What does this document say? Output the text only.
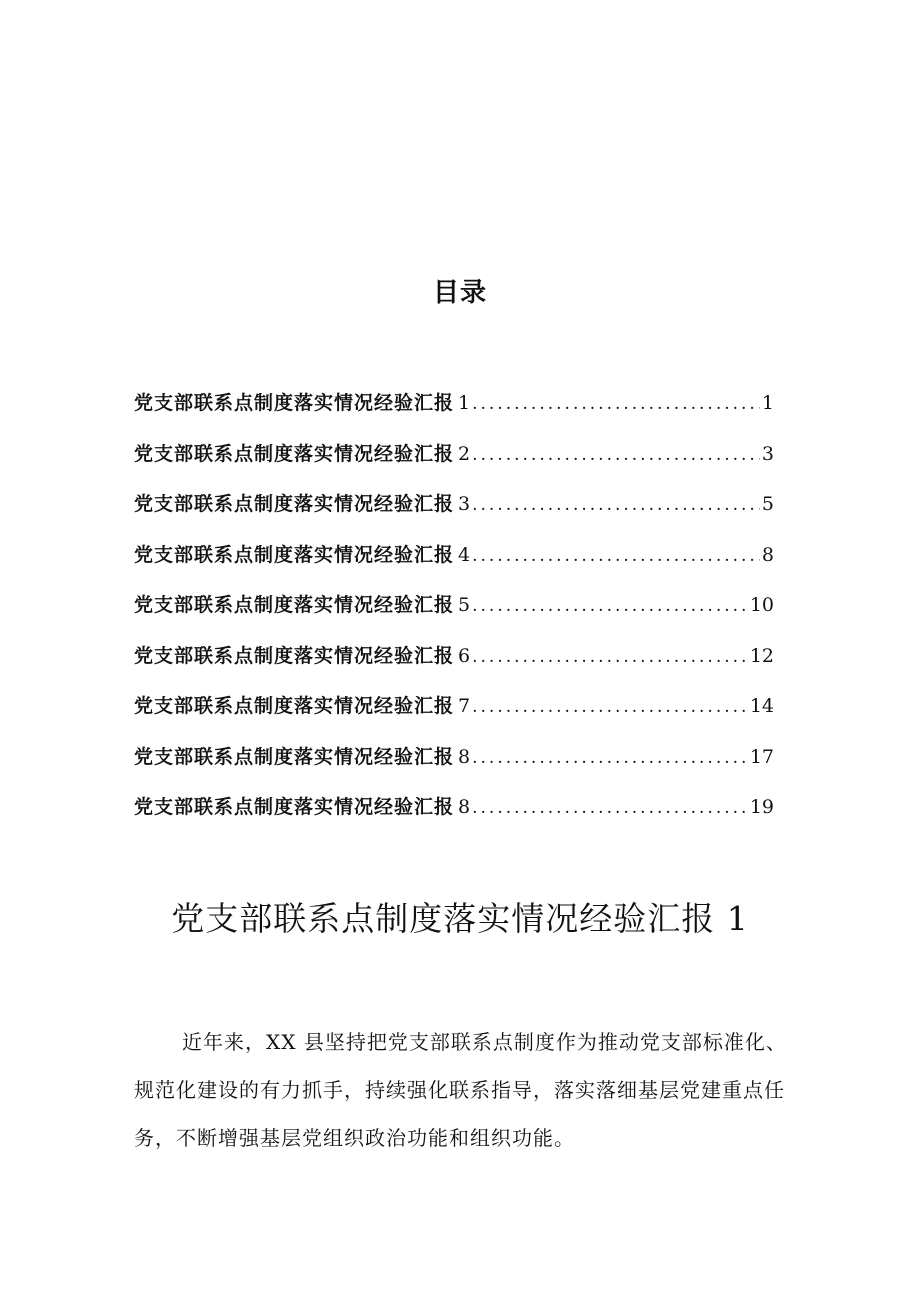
目录
党支部联系点制度落实情况经验汇报 1 .....	1
党支部联系点制度落实情况经验汇报 2 .....	3
党支部联系点制度落实情况经验汇报 3 .....	5
党支部联系点制度落实情况经验汇报 4 .....	8
党支部联系点制度落实情况经验汇报 5 .....	10
党支部联系点制度落实情况经验汇报 6 .....	12
党支部联系点制度落实情况经验汇报 7 .....	14
党支部联系点制度落实情况经验汇报 8 .....	17
党支部联系点制度落实情况经验汇报 8 .....	19
党支部联系点制度落实情况经验汇报 1

近年来，XX 县坚持把党支部联系点制度作为推动党支部标准化、规范化建设的有力抓手，持续强化联系指导，落实落细基层党建重点任务，不断增强基层党组织政治功能和组织功能。
